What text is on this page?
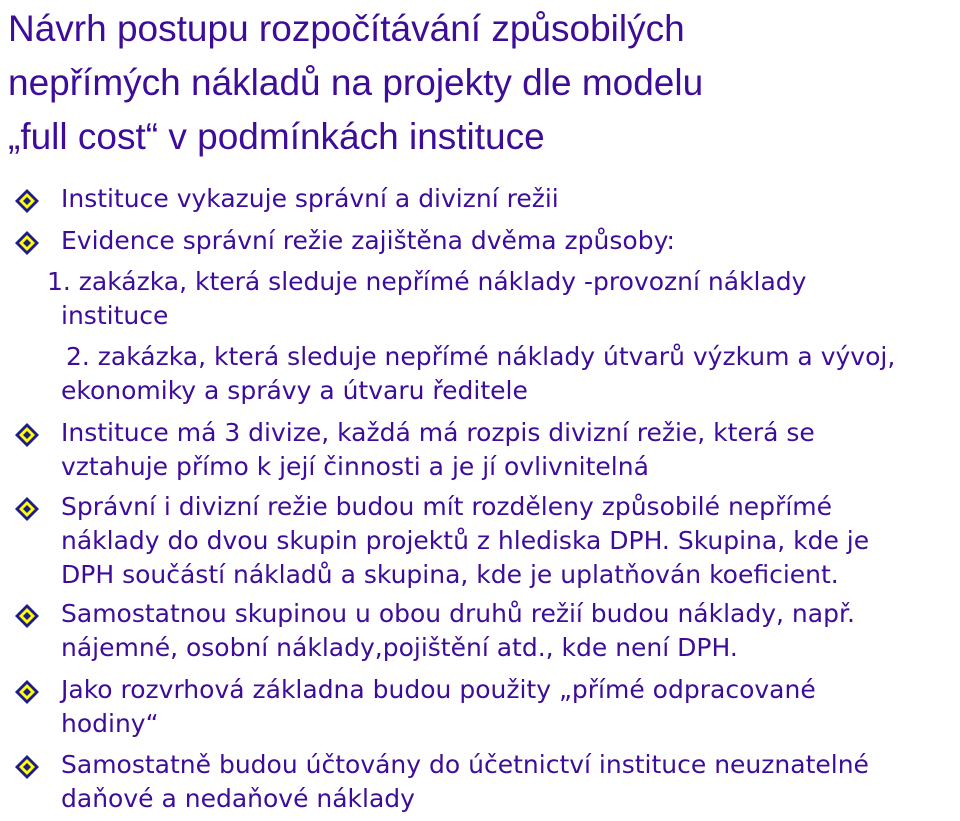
Návrh postupu rozpočítávání způsobilých
nepřímých nákladů na projekty dle modelu
„full cost“ v podmínkách instituce
Instituce vykazuje správní a divizní režii
Evidence správní režie zajištěna dvěma způsoby:
1. zakázka, která sleduje nepřímé náklady -provozní náklady
instituce
2. zakázka, která sleduje nepřímé náklady útvarů výzkum a vývoj,
ekonomiky a správy a útvaru ředitele
Instituce má 3 divize, každá má rozpis divizní režie, která se
vztahuje přímo k její činnosti a je jí ovlivnitelná
Správní i divizní režie budou mít rozděleny způsobilé nepřímé
náklady do dvou skupin projektů z hlediska DPH. Skupina, kde je
DPH součástí nákladů a skupina, kde je uplatňován koeficient.
Samostatnou skupinou u obou druhů režií budou náklady, např.
nájemné, osobní náklady,pojištění atd., kde není DPH.
Jako rozvrhová základna budou použity „přímé odpracované
hodiny“
Samostatně budou účtovány do účetnictví instituce neuznatelné
daňové a nedaňové náklady
